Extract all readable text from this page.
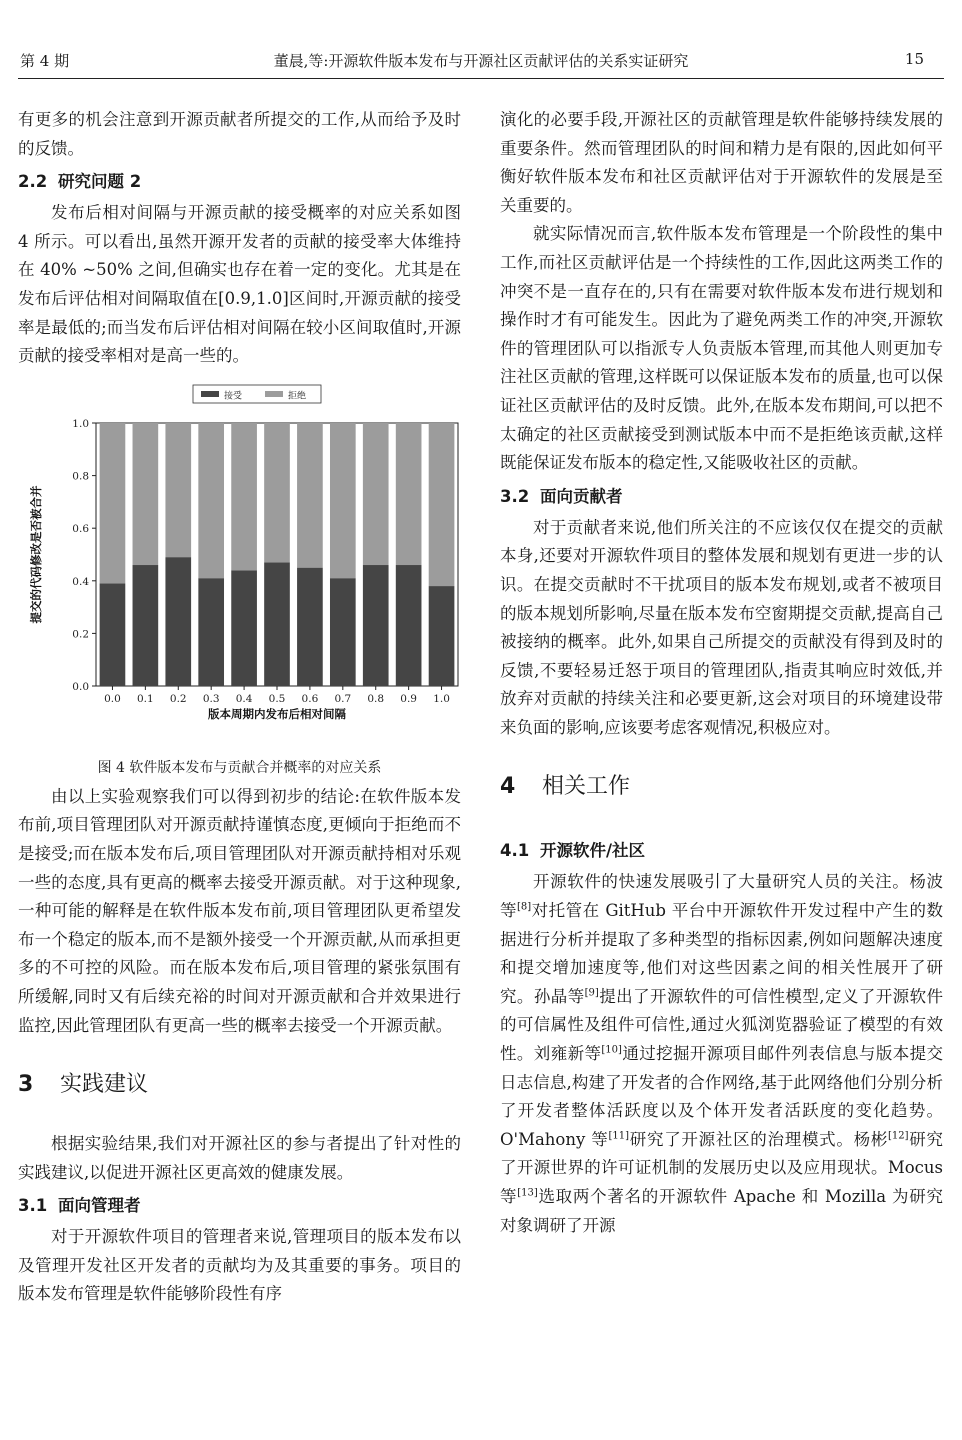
第 4 期	董晨,等:开源软件版本发布与开源社区贡献评估的关系实证研究	15

有更多的机会注意到开源贡献者所提交的工作,从而给予及时的反馈。

2.2 研究问题 2

发布后相对间隔与开源贡献的接受概率的对应关系如图 4 所示。可以看出,虽然开源开发者的贡献的接受率大体维持在 40% ~50% 之间,但确实也存在着一定的变化。尤其是在发布后评估相对间隔取值在[0.9,1.0]区间时,开源贡献的接受率是最低的;而当发布后评估相对间隔在较小区间取值时,开源贡献的接受率相对是高一些的。

接受	拒绝
0.0 0.1 0.2 0.3 0.4 0.5 0.6 0.7 0.8 0.9 1.0
0.0
0.2
0.4
0.6
0.8
1.0
版本周期内发布后相对间隔
提交的代码修改是否被合并
图 4 软件版本发布与贡献合并概率的对应关系

由以上实验观察我们可以得到初步的结论:在软件版本发布前,项目管理团队对开源贡献持谨慎态度,更倾向于拒绝而不是接受;而在版本发布后,项目管理团队对开源贡献持相对乐观一些的态度,具有更高的概率去接受开源贡献。对于这种现象,一种可能的解释是在软件版本发布前,项目管理团队更希望发布一个稳定的版本,而不是额外接受一个开源贡献,从而承担更多的不可控的风险。而在版本发布后,项目管理的紧张氛围有所缓解,同时又有后续充裕的时间对开源贡献和合并效果进行监控,因此管理团队有更高一些的概率去接受一个开源贡献。

3 实践建议

根据实验结果,我们对开源社区的参与者提出了针对性的实践建议,以促进开源社区更高效的健康发展。

3.1 面向管理者

对于开源软件项目的管理者来说,管理项目的版本发布以及管理开发社区开发者的贡献均为及其重要的事务。项目的版本发布管理是软件能够阶段性有序

演化的必要手段,开源社区的贡献管理是软件能够持续发展的重要条件。然而管理团队的时间和精力是有限的,因此如何平衡好软件版本发布和社区贡献评估对于开源软件的发展是至关重要的。

就实际情况而言,软件版本发布管理是一个阶段性的集中工作,而社区贡献评估是一个持续性的工作,因此这两类工作的冲突不是一直存在的,只有在需要对软件版本发布进行规划和操作时才有可能发生。因此为了避免两类工作的冲突,开源软件的管理团队可以指派专人负责版本管理,而其他人则更加专注社区贡献的管理,这样既可以保证版本发布的质量,也可以保证社区贡献评估的及时反馈。此外,在版本发布期间,可以把不太确定的社区贡献接受到测试版本中而不是拒绝该贡献,这样既能保证发布版本的稳定性,又能吸收社区的贡献。

3.2 面向贡献者

对于贡献者来说,他们所关注的不应该仅仅在提交的贡献本身,还要对开源软件项目的整体发展和规划有更进一步的认识。在提交贡献时不干扰项目的版本发布规划,或者不被项目的版本规划所影响,尽量在版本发布空窗期提交贡献,提高自己被接纳的概率。此外,如果自己所提交的贡献没有得到及时的反馈,不要轻易迁怒于项目的管理团队,指责其响应时效低,并放弃对贡献的持续关注和必要更新,这会对项目的环境建设带来负面的影响,应该要考虑客观情况,积极应对。

4 相关工作
4.1 开源软件/社区

开源软件的快速发展吸引了大量研究人员的关注。杨波等[8]对托管在 GitHub 平台中开源软件开发过程中产生的数据进行分析并提取了多种类型的指标因素,例如问题解决速度和提交增加速度等,他们对这些因素之间的相关性展开了研究。孙晶等[9]提出了开源软件的可信性模型,定义了开源软件的可信属性及组件可信性,通过火狐浏览器验证了模型的有效性。刘雍新等[10]通过挖掘开源项目邮件列表信息与版本提交日志信息,构建了开发者的合作网络,基于此网络他们分别分析了开发者整体活跃度以及个体开发者活跃度的变化趋势。O'Mahony 等[11]研究了开源社区的治理模式。杨彬[12]研究了开源世界的许可证机制的发展历史以及应用现状。Mocus 等[13]选取两个著名的开源软件 Apache 和 Mozilla 为研究对象调研了开源
